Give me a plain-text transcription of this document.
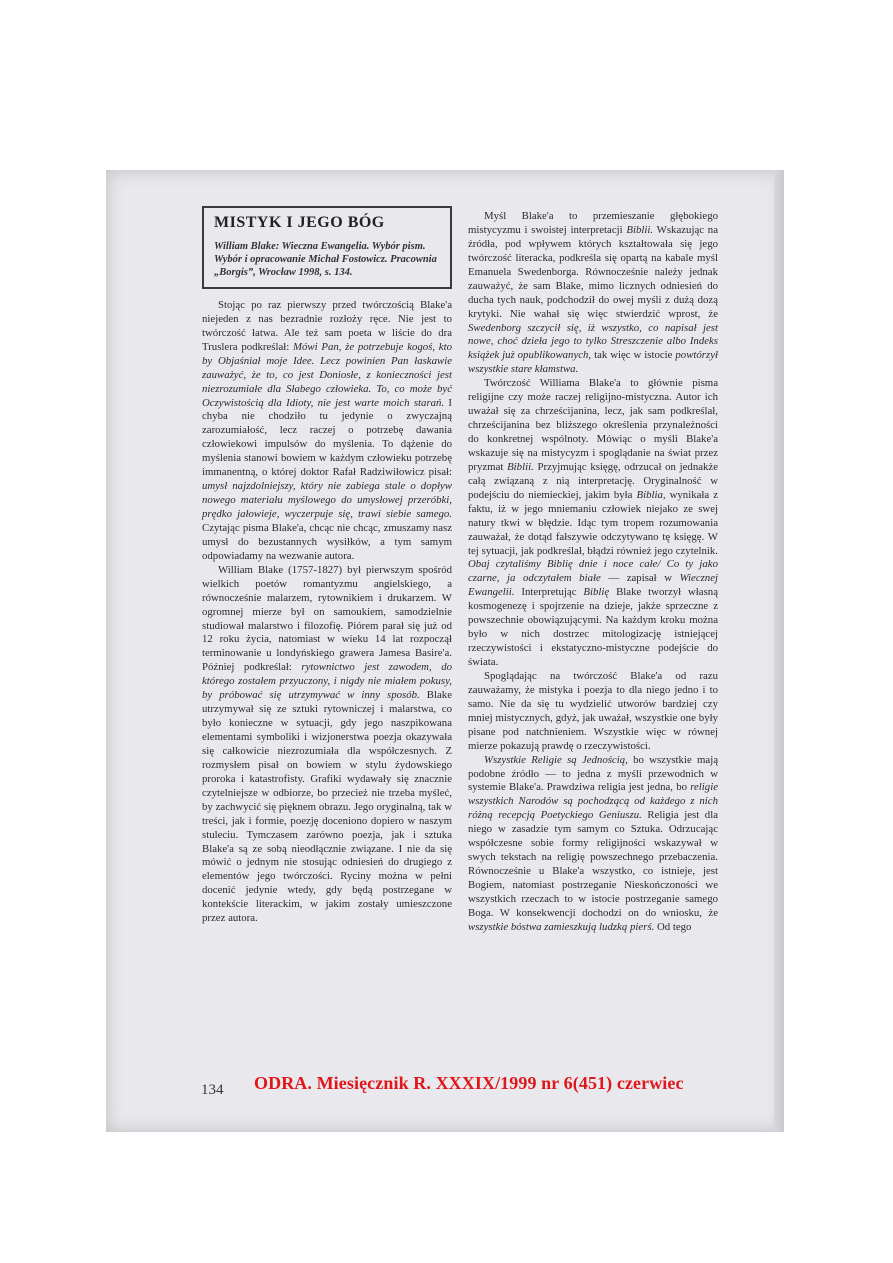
MISTYK I JEGO BÓG
William Blake: Wieczna Ewangelia. Wybór pism. Wybór i opracowanie Michał Fostowicz. Pracownia „Borgis”, Wrocław 1998, s. 134.

Stojąc po raz pierwszy przed twórczością Blake'a niejeden z nas bezradnie rozłoży ręce. Nie jest to twórczość łatwa. Ale też sam poeta w liście do dra Truslera podkreślał: Mówi Pan, że potrzebuje kogoś, kto by Objaśniał moje Idee. Lecz powinien Pan łaskawie zauważyć, że to, co jest Doniosłe, z konieczności jest niezrozumiałe dla Słabego człowieka. To, co może być Oczywistością dla Idioty, nie jest warte moich starań. I chyba nie chodziło tu jedynie o zwyczajną zarozumiałość, lecz raczej o potrzebę dawania człowiekowi impulsów do myślenia. To dążenie do myślenia stanowi bowiem w każdym człowieku potrzebę immanentną, o której doktor Rafał Radziwiłowicz pisał: umysł najzdolniejszy, który nie zabiega stale o dopływ nowego materiału myślowego do umysłowej przeróbki, prędko jałowieje, wyczerpuje się, trawi siebie samego. Czytając pisma Blake'a, chcąc nie chcąc, zmuszamy nasz umysł do bezustannych wysiłków, a tym samym odpowiadamy na wezwanie autora.

William Blake (1757-1827) był pierwszym spośród wielkich poetów romantyzmu angielskiego, a równocześnie malarzem, rytownikiem i drukarzem. W ogromnej mierze był on samoukiem, samodzielnie studiował malarstwo i filozofię. Piórem parał się już od 12 roku życia, natomiast w wieku 14 lat rozpoczął terminowanie u londyńskiego grawera Jamesa Basire'a. Później podkreślał: rytownictwo jest zawodem, do którego zostałem przyuczony, i nigdy nie miałem pokusy, by próbować się utrzymywać w inny sposób. Blake utrzymywał się ze sztuki rytowniczej i malarstwa, co było konieczne w sytuacji, gdy jego naszpikowana elementami symboliki i wizjonerstwa poezja okazywała się całkowicie niezrozumiała dla współczesnych. Z rozmysłem pisał on bowiem w stylu żydowskiego proroka i katastrofisty. Grafiki wydawały się znacznie czytelniejsze w odbiorze, bo przecież nie trzeba myśleć, by zachwycić się pięknem obrazu. Jego oryginalną, tak w treści, jak i formie, poezję doceniono dopiero w naszym stuleciu. Tymczasem zarówno poezja, jak i sztuka Blake'a są ze sobą nieodłącznie związane. I nie da się mówić o jednym nie stosując odniesień do drugiego z elementów jego twórczości. Ryciny można w pełni docenić jedynie wtedy, gdy będą postrzegane w kontekście literackim, w jakim zostały umieszczone przez autora.

Myśl Blake'a to przemieszanie głębokiego mistycyzmu i swoistej interpretacji Biblii. Wskazując na źródła, pod wpływem których kształtowała się jego twórczość literacka, podkreśla się opartą na kabale myśl Emanuela Swedenborga. Równocześnie należy jednak zauważyć, że sam Blake, mimo licznych odniesień do ducha tych nauk, podchodził do owej myśli z dużą dozą krytyki. Nie wahał się więc stwierdzić wprost, że Swedenborg szczycił się, iż wszystko, co napisał jest nowe, choć dzieła jego to tylko Streszczenie albo Indeks książek już opublikowanych, tak więc w istocie powtórzył wszystkie stare kłamstwa.

Twórczość Williama Blake'a to głównie pisma religijne czy może raczej religijno-mistyczna. Autor ich uważał się za chrześcijanina, lecz, jak sam podkreślał, chrześcijanina bez bliższego określenia przynależności do konkretnej wspólnoty. Mówiąc o myśli Blake'a wskazuje się na mistycyzm i spoglądanie na świat przez pryzmat Biblii. Przyjmując księgę, odrzucał on jednakże całą związaną z nią interpretację. Oryginalność w podejściu do niemieckiej, jakim była Biblia, wynikała z faktu, iż w jego mniemaniu człowiek niejako ze swej natury tkwi w błędzie. Idąc tym tropem rozumowania zauważał, że dotąd fałszywie odczytywano tę księgę. W tej sytuacji, jak podkreślał, błądzi również jego czytelnik. Obaj czytaliśmy Biblię dnie i noce całe/ Co ty jako czarne, ja odczytałem białe — zapisał w Wiecznej Ewangelii. Interpretując Biblię Blake tworzył własną kosmogenezę i spojrzenie na dzieje, jakże sprzeczne z powszechnie obowiązującymi. Na każdym kroku można było w nich dostrzec mitologizację istniejącej rzeczywistości i ekstatyczno-mistyczne podejście do świata.

Spoglądając na twórczość Blake'a od razu zauważamy, że mistyka i poezja to dla niego jedno i to samo. Nie da się tu wydzielić utworów bardziej czy mniej mistycznych, gdyż, jak uważał, wszystkie one były pisane pod natchnieniem. Wszystkie więc w równej mierze pokazują prawdę o rzeczywistości.

Wszystkie Religie są Jednością, bo wszystkie mają podobne źródło — to jedna z myśli przewodnich w systemie Blake'a. Prawdziwa religia jest jedna, bo religie wszystkich Narodów są pochodzącą od każdego z nich różną recepcją Poetyckiego Geniuszu. Religia jest dla niego w zasadzie tym samym co Sztuka. Odrzucając współczesne sobie formy religijności wskazywał w swych tekstach na religię powszechnego przebaczenia. Równocześnie u Blake'a wszystko, co istnieje, jest Bogiem, natomiast postrzeganie Nieskończoności we wszystkich rzeczach to w istocie postrzeganie samego Boga. W konsekwencji dochodzi on do wniosku, że wszystkie bóstwa zamieszkują ludzką pierś. Od tego

134 ODRA. Miesięcznik R. XXXIX/1999 nr 6(451) czerwiec
